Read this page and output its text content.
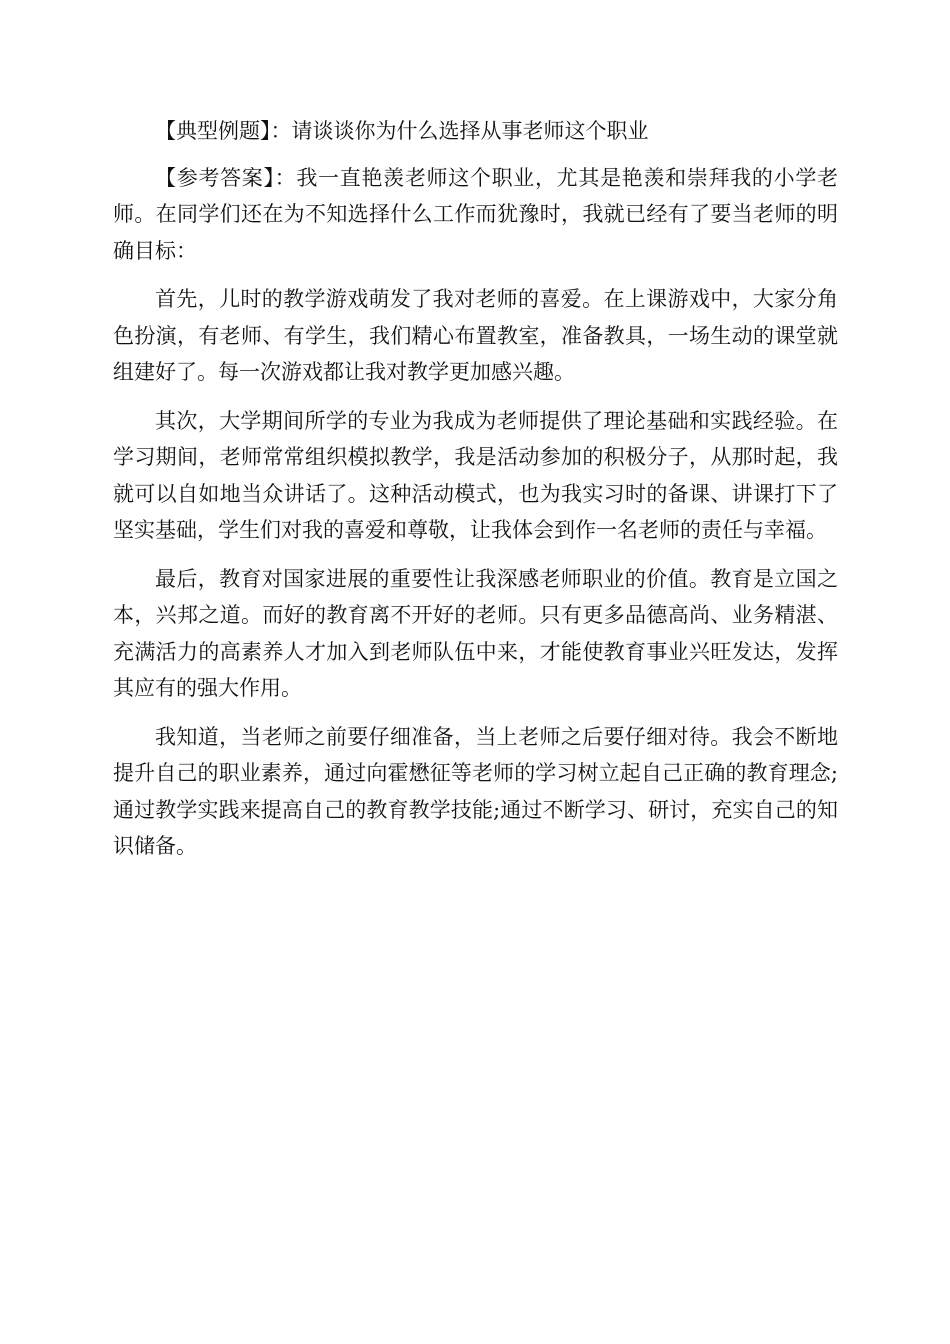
【典型例题】：请谈谈你为什么选择从事老师这个职业

【参考答案】：我一直艳羡老师这个职业，尤其是艳羡和崇拜我的小学老师。在同学们还在为不知选择什么工作而犹豫时，我就已经有了要当老师的明确目标：

首先，儿时的教学游戏萌发了我对老师的喜爱。在上课游戏中，大家分角色扮演，有老师、有学生，我们精心布置教室，准备教具，一场生动的课堂就组建好了。每一次游戏都让我对教学更加感兴趣。

其次，大学期间所学的专业为我成为老师提供了理论基础和实践经验。在学习期间，老师常常组织模拟教学，我是活动参加的积极分子，从那时起，我就可以自如地当众讲话了。这种活动模式，也为我实习时的备课、讲课打下了坚实基础，学生们对我的喜爱和尊敬，让我体会到作一名老师的责任与幸福。

最后，教育对国家进展的重要性让我深感老师职业的价值。教育是立国之本，兴邦之道。而好的教育离不开好的老师。只有更多品德高尚、业务精湛、充满活力的高素养人才加入到老师队伍中来，才能使教育事业兴旺发达，发挥其应有的强大作用。

我知道，当老师之前要仔细准备，当上老师之后要仔细对待。我会不断地提升自己的职业素养，通过向霍懋征等老师的学习树立起自己正确的教育理念;通过教学实践来提高自己的教育教学技能;通过不断学习、研讨，充实自己的知识储备。
